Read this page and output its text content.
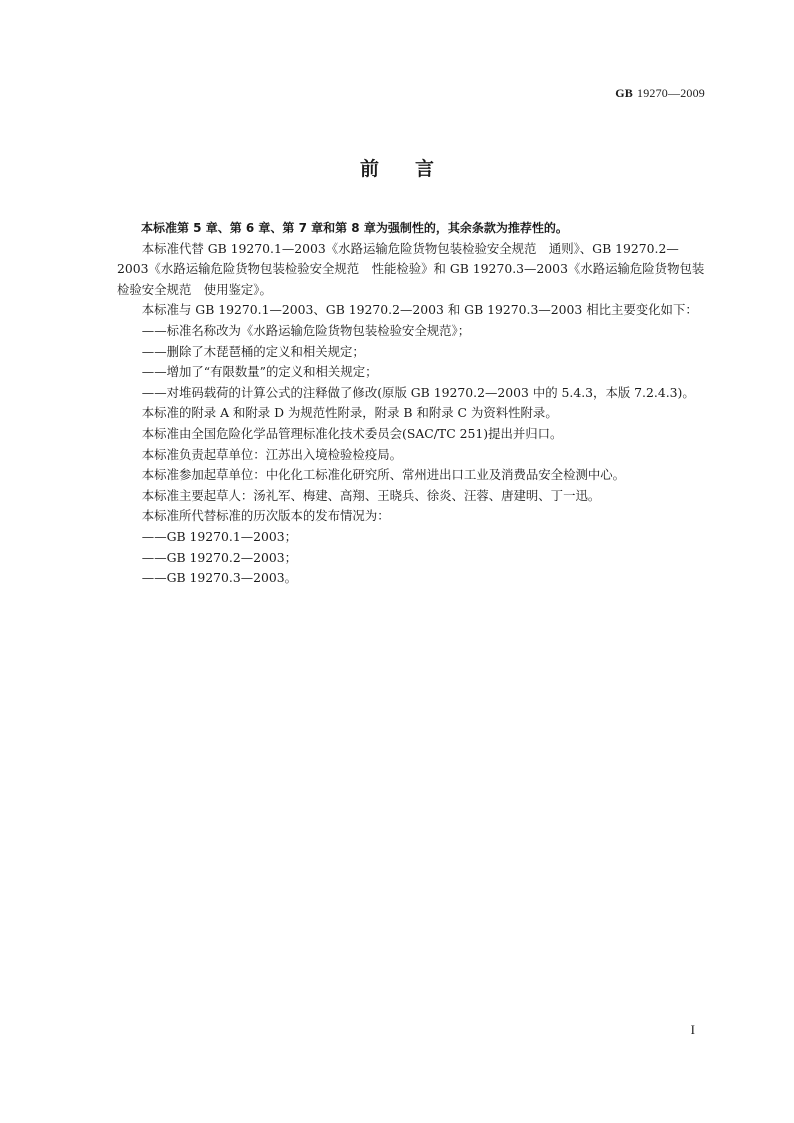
GB 19270—2009
前言

本标准第 5 章、第 6 章、第 7 章和第 8 章为强制性的，其余条款为推荐性的。

本标准代替 GB 19270.1—2003《水路运输危险货物包装检验安全规范　通则》、GB 19270.2—2003《水路运输危险货物包装检验安全规范　性能检验》和 GB 19270.3—2003《水路运输危险货物包装检验安全规范　使用鉴定》。

本标准与 GB 19270.1—2003、GB 19270.2—2003 和 GB 19270.3—2003 相比主要变化如下：

——标准名称改为《水路运输危险货物包装检验安全规范》；

——删除了木琵琶桶的定义和相关规定；

——增加了“有限数量”的定义和相关规定；

——对堆码载荷的计算公式的注释做了修改(原版 GB 19270.2—2003 中的 5.4.3，本版 7.2.4.3)。

本标准的附录 A 和附录 D 为规范性附录，附录 B 和附录 C 为资料性附录。

本标准由全国危险化学品管理标准化技术委员会(SAC/TC 251)提出并归口。

本标准负责起草单位：江苏出入境检验检疫局。

本标准参加起草单位：中化化工标准化研究所、常州进出口工业及消费品安全检测中心。

本标准主要起草人：汤礼军、梅建、高翔、王晓兵、徐炎、汪蓉、唐建明、丁一迅。

本标准所代替标准的历次版本的发布情况为：

——GB 19270.1—2003；

——GB 19270.2—2003；

——GB 19270.3—2003。

I
